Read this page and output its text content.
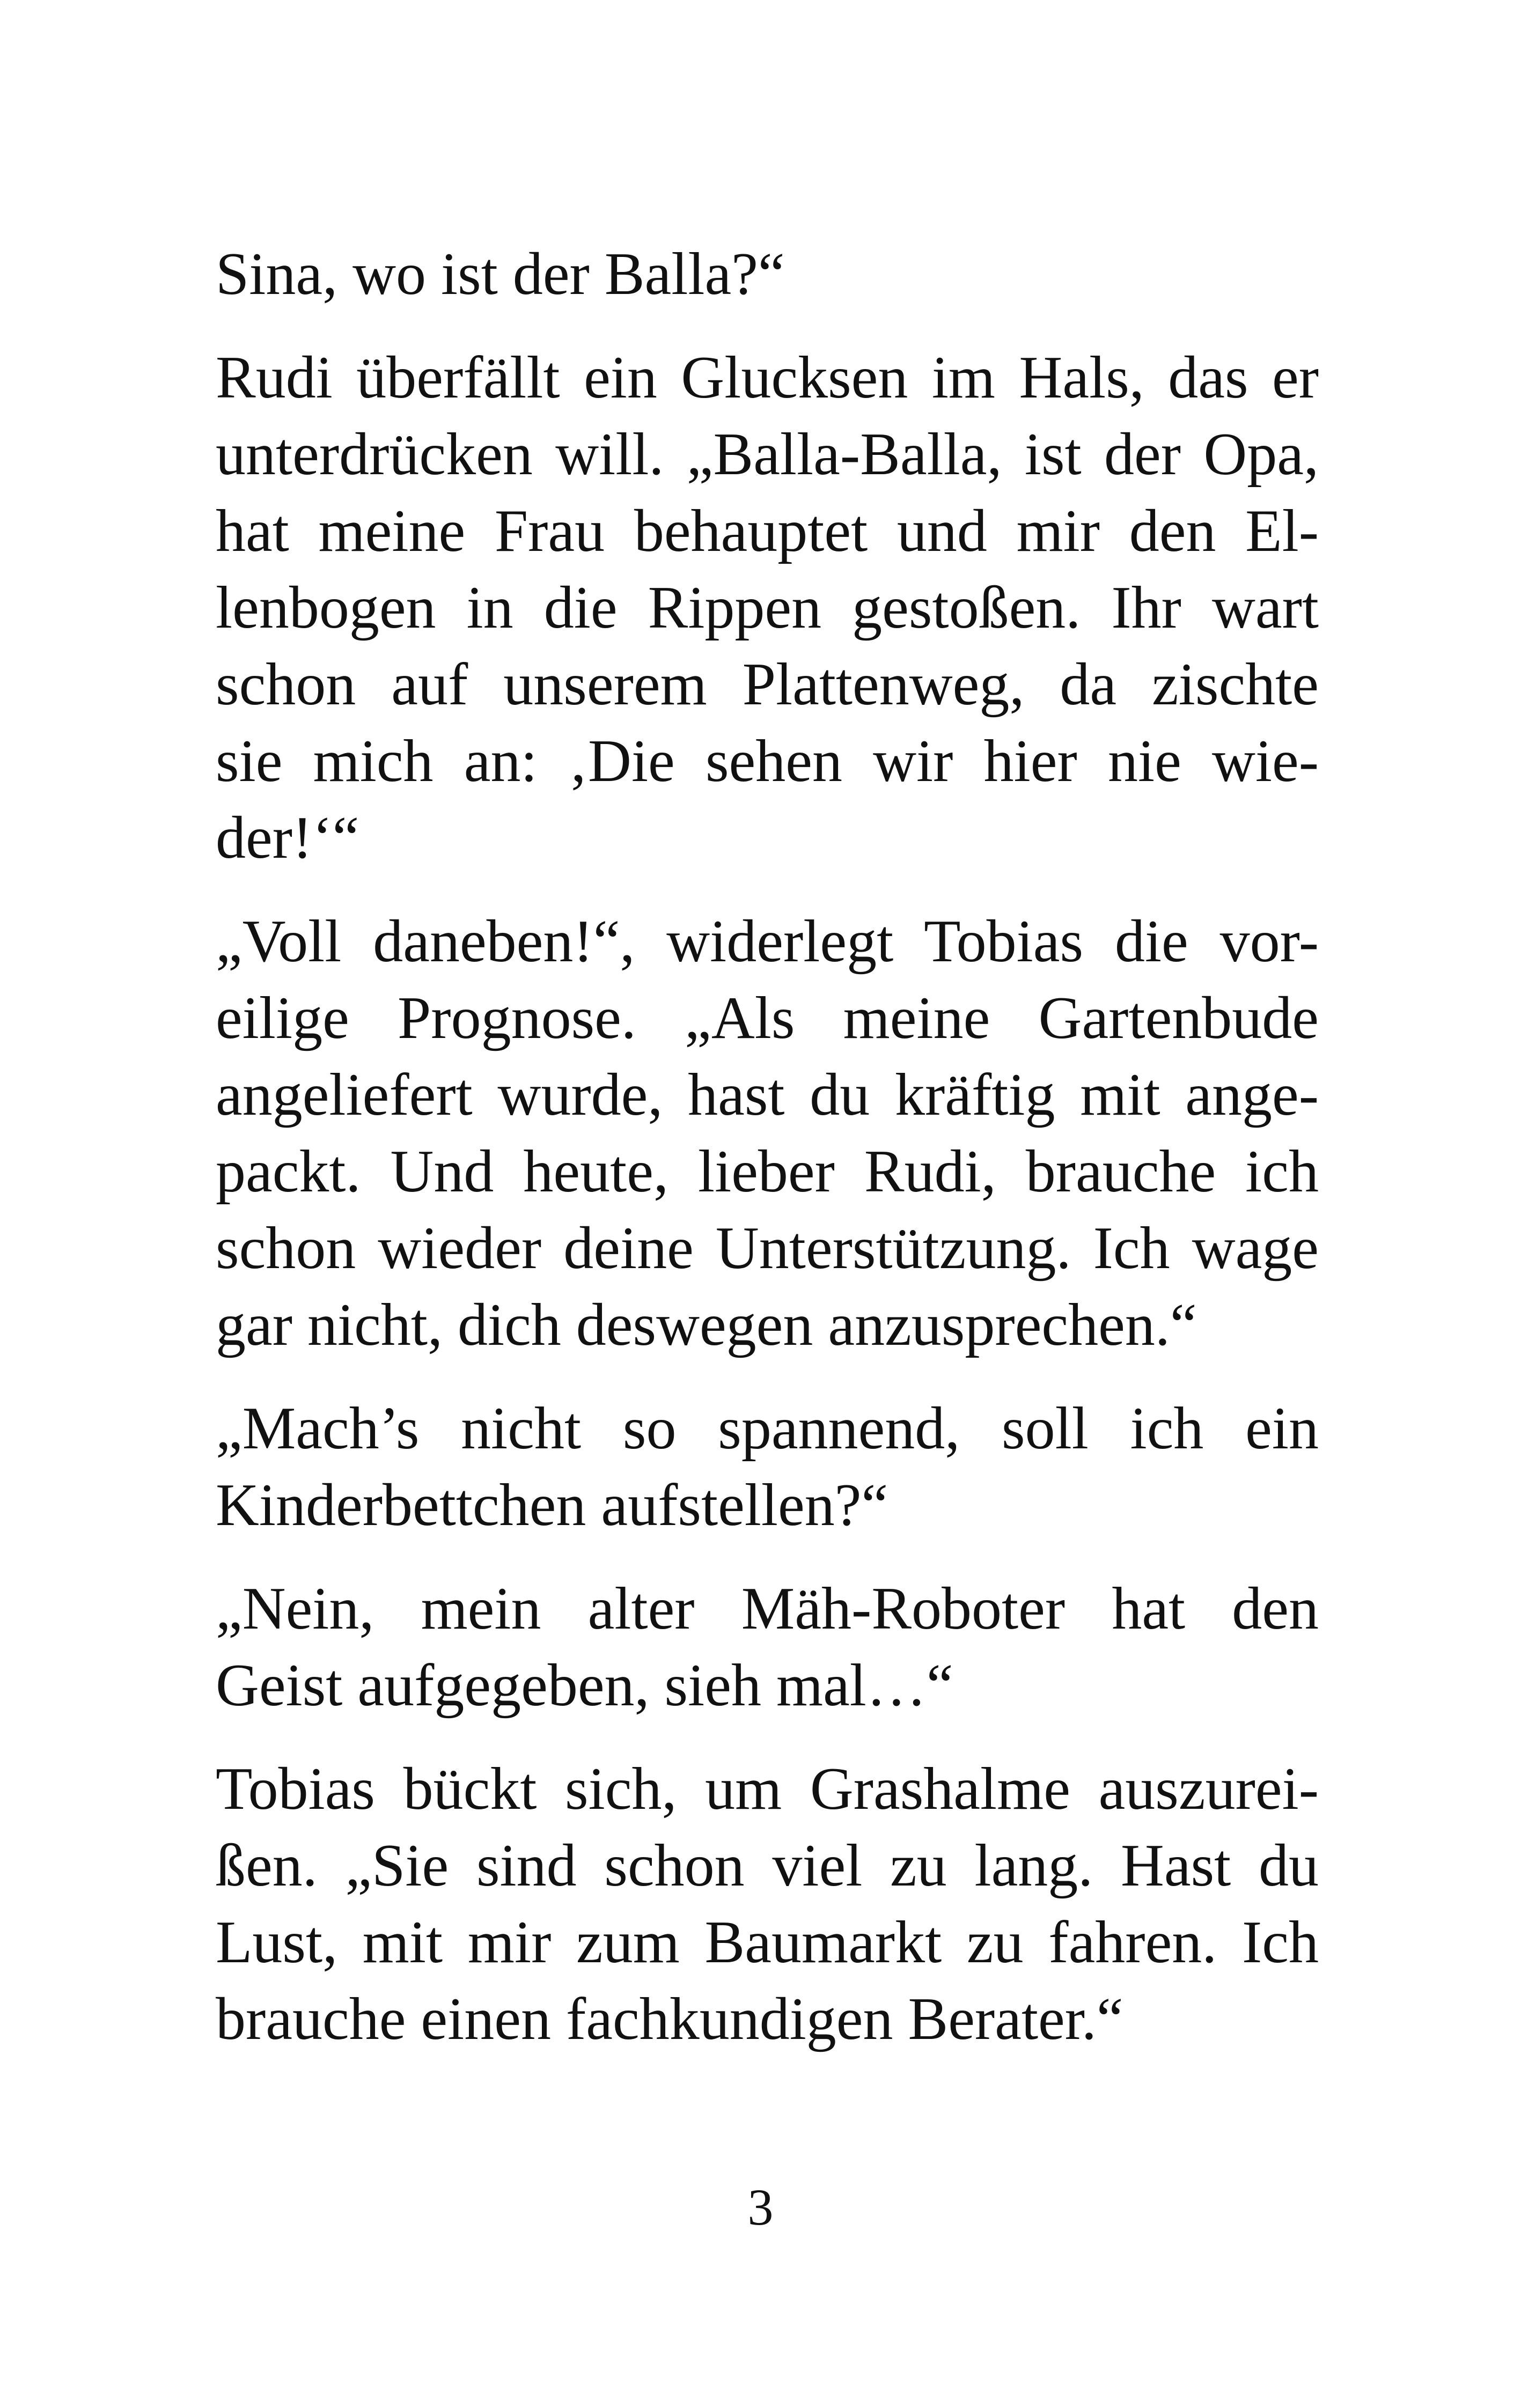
Sina, wo ist der Balla?“
Rudi überfällt ein Glucksen im Hals, das er
unterdrücken will. „Balla-Balla, ist der Opa,
hat meine Frau behauptet und mir den El-
lenbogen in die Rippen gestoßen. Ihr wart
schon auf unserem Plattenweg, da zischte
sie mich an: ‚Die sehen wir hier nie wie-
der!‘“
„Voll daneben!“, widerlegt Tobias die vor-
eilige Prognose. „Als meine Gartenbude
angeliefert wurde, hast du kräftig mit ange-
packt. Und heute, lieber Rudi, brauche ich
schon wieder deine Unterstützung. Ich wage
gar nicht, dich deswegen anzusprechen.“
„Mach’s nicht so spannend, soll ich ein
Kinderbettchen aufstellen?“
„Nein, mein alter Mäh-Roboter hat den
Geist aufgegeben, sieh mal…“
Tobias bückt sich, um Grashalme auszurei-
ßen. „Sie sind schon viel zu lang. Hast du
Lust, mit mir zum Baumarkt zu fahren. Ich
brauche einen fachkundigen Berater.“
3
